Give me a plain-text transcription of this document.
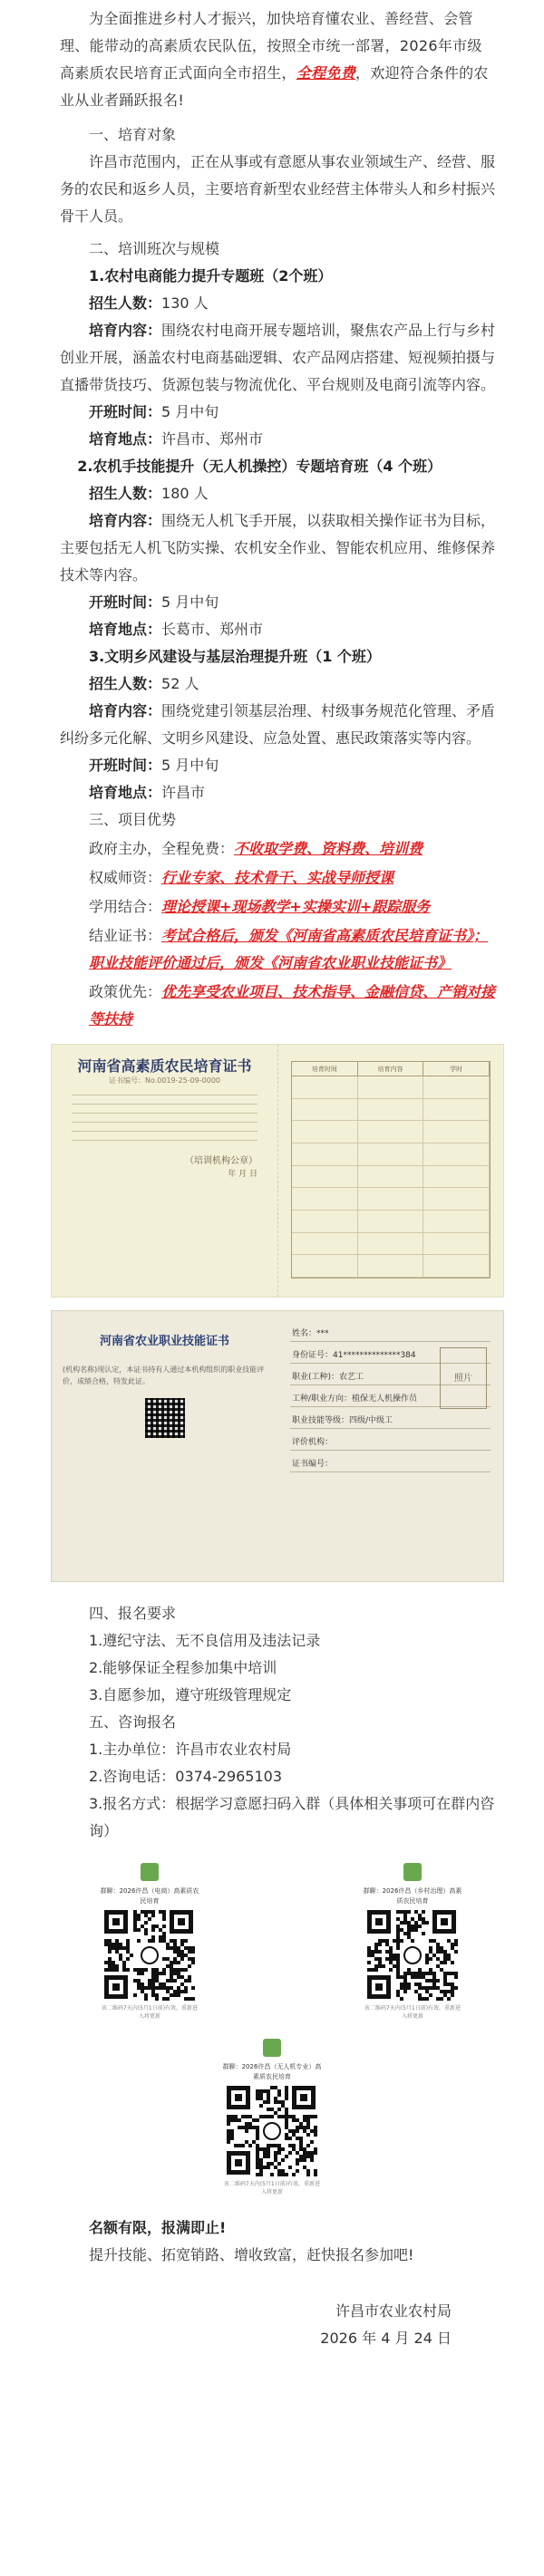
为全面推进乡村人才振兴，加快培育懂农业、善经营、会管理、能带动的高素质农民队伍，按照全市统一部署，2026年市级高素质农民培育正式面向全市招生，全程免费，欢迎符合条件的农业从业者踊跃报名!

一、培育对象

许昌市范围内，正在从事或有意愿从事农业领域生产、经营、服务的农民和返乡人员，主要培育新型农业经营主体带头人和乡村振兴骨干人员。

二、培训班次与规模

1.农村电商能力提升专题班（2个班）

招生人数：130 人

培育内容：围绕农村电商开展专题培训，聚焦农产品上行与乡村创业开展，涵盖农村电商基础逻辑、农产品网店搭建、短视频拍摄与直播带货技巧、货源包装与物流优化、平台规则及电商引流等内容。

开班时间：5 月中旬

培育地点：许昌市、郑州市

2.农机手技能提升（无人机操控）专题培育班（4 个班）

招生人数：180 人

培育内容：围绕无人机飞手开展，以获取相关操作证书为目标，主要包括无人机飞防实操、农机安全作业、智能农机应用、维修保养技术等内容。

开班时间：5 月中旬

培育地点：长葛市、郑州市

3.文明乡风建设与基层治理提升班（1 个班）

招生人数：52 人

培育内容：围绕党建引领基层治理、村级事务规范化管理、矛盾纠纷多元化解、文明乡风建设、应急处置、惠民政策落实等内容。

开班时间：5 月中旬

培育地点：许昌市

三、项目优势

政府主办，全程免费：不收取学费、资料费、培训费

权威师资：行业专家、技术骨干、实战导师授课

学用结合：理论授课+现场教学+实操实训+跟踪服务

结业证书：考试合格后，颁发《河南省高素质农民培育证书》；职业技能评价通过后，颁发《河南省农业职业技能证书》

政策优先：优先享受农业项目、技术指导、金融信贷、产销对接等扶持

河南省高素质农民培育证书
证书编号：No.0019-25-09-0000
（培训机构公章）
年 月 日
培育时间	培育内容	学时
河南省农业职业技能证书
(机构名称)现认定，本证书持有人通过本机构组织的职业技能评价，成绩合格，特发此证。	照片
姓名：***
身份证号：41**************384
职业(工种)：农艺工
工种/职业方向：植保无人机操作员
职业技能等级：四级/中级工
评价机构：
证书编号：

四、报名要求

1.遵纪守法、无不良信用及违法记录

2.能够保证全程参加集中培训

3.自愿参加，遵守班级管理规定

五、咨询报名

1.主办单位：许昌市农业农村局

2.咨询电话：0374-2965103

3.报名方式：根据学习意愿扫码入群（具体相关事项可在群内咨询）

群聊：2026许昌（电商）高素质农民培育
该二维码7天内(5月1日前)有效，重新进入将更新
群聊：2026许昌（乡村治理）高素质农民培育
该二维码7天内(5月1日前)有效，重新进入将更新
群聊：2026许昌（无人机专业）高素质农民培育
该二维码7天内(5月1日前)有效，重新进入将更新

名额有限，报满即止!

提升技能、拓宽销路、增收致富，赶快报名参加吧!

许昌市农业农村局

2026 年 4 月 24 日
